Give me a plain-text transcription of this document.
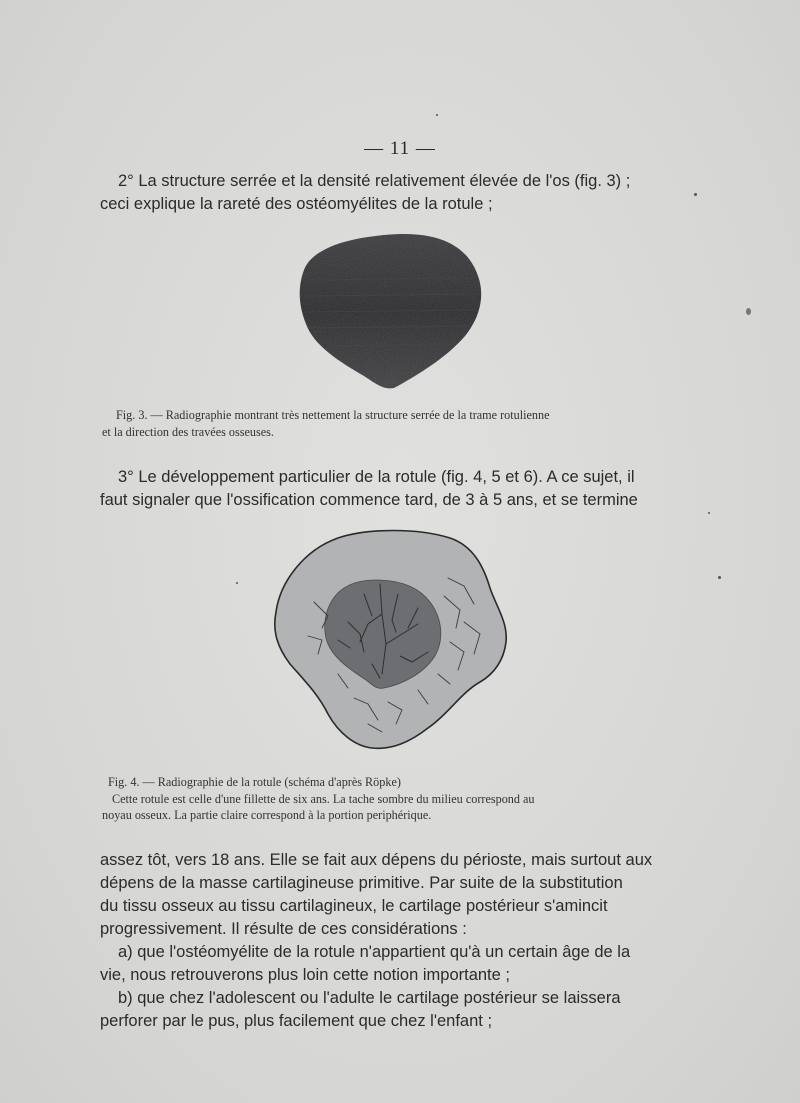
— 11 —
2° La structure serrée et la densité relativement élevée de l'os (fig. 3) ;
ceci explique la rareté des ostéomyélites de la rotule ;
Fig. 3. — Radiographie montrant très nettement la structure serrée de la trame rotulienne
et la direction des travées osseuses.
3° Le développement particulier de la rotule (fig. 4, 5 et 6). A ce sujet, il
faut signaler que l'ossification commence tard, de 3 à 5 ans, et se termine
Fig. 4. — Radiographie de la rotule (schéma d'après Röpke)
Cette rotule est celle d'une fillette de six ans. La tache sombre du milieu correspond au
noyau osseux. La partie claire correspond à la portion periphérique.
assez tôt, vers 18 ans. Elle se fait aux dépens du périoste, mais surtout aux
dépens de la masse cartilagineuse primitive. Par suite de la substitution
du tissu osseux au tissu cartilagineux, le cartilage postérieur s'amincit
progressivement. Il résulte de ces considérations :
a) que l'ostéomyélite de la rotule n'appartient qu'à un certain âge de la
vie, nous retrouverons plus loin cette notion importante ;
b) que chez l'adolescent ou l'adulte le cartilage postérieur se laissera
perforer par le pus, plus facilement que chez l'enfant ;
